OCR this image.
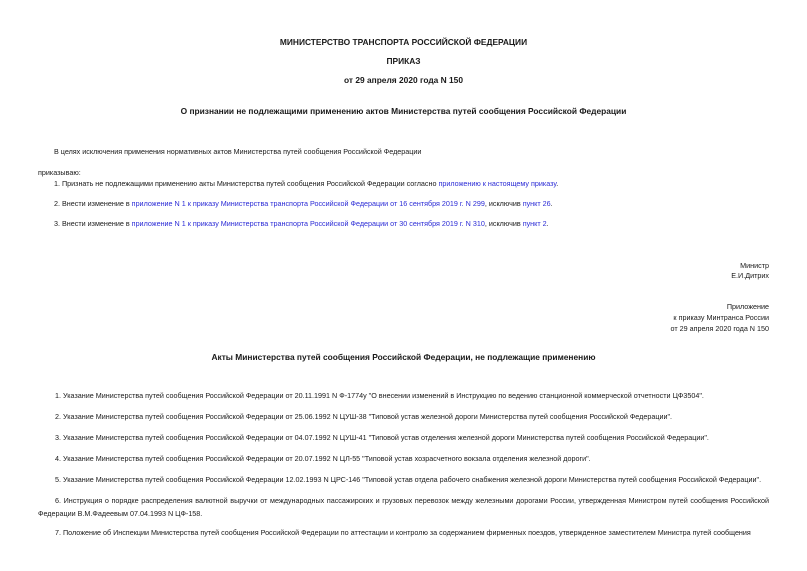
МИНИСТЕРСТВО ТРАНСПОРТА РОССИЙСКОЙ ФЕДЕРАЦИИ
ПРИКАЗ
от 29 апреля 2020 года N 150
О признании не подлежащими применению актов Министерства путей сообщения Российской Федерации
В целях исключения применения нормативных актов Министерства путей сообщения Российской Федерации
приказываю:
1. Признать не подлежащими применению акты Министерства путей сообщения Российской Федерации согласно приложению к настоящему приказу.
2. Внести изменение в приложение N 1 к приказу Министерства транспорта Российской Федерации от 16 сентября 2019 г. N 299, исключив пункт 26.
3. Внести изменение в приложение N 1 к приказу Министерства транспорта Российской Федерации от 30 сентября 2019 г. N 310, исключив пункт 2.
Министр
Е.И.Дитрих
Приложение
к приказу Минтранса России
от 29 апреля 2020 года N 150
Акты Министерства путей сообщения Российской Федерации, не подлежащие применению
1. Указание Министерства путей сообщения Российской Федерации от 20.11.1991 N Ф-1774у "О внесении изменений в Инструкцию по ведению станционной коммерческой отчетности ЦФ3504".
2. Указание Министерства путей сообщения Российской Федерации от 25.06.1992 N ЦУШ-38 "Типовой устав железной дороги Министерства путей сообщения Российской Федерации".
3. Указание Министерства путей сообщения Российской Федерации от 04.07.1992 N ЦУШ-41 "Типовой устав отделения железной дороги Министерства путей сообщения Российской Федерации".
4. Указание Министерства путей сообщения Российской Федерации от 20.07.1992 N ЦЛ-55 "Типовой устав хозрасчетного вокзала отделения железной дороги".
5. Указание Министерства путей сообщения Российской Федерации 12.02.1993 N ЦРС-146 "Типовой устав отдела рабочего снабжения железной дороги Министерства путей сообщения Российской Федерации".
6. Инструкция о порядке распределения валютной выручки от международных пассажирских и грузовых перевозок между железными дорогами России, утвержденная Министром путей сообщения Российской Федерации В.М.Фадеевым 07.04.1993 N ЦФ-158.
7. Положение об Инспекции Министерства путей сообщения Российской Федерации по аттестации и контролю за содержанием фирменных поездов, утвержденное заместителем Министра путей сообщения
